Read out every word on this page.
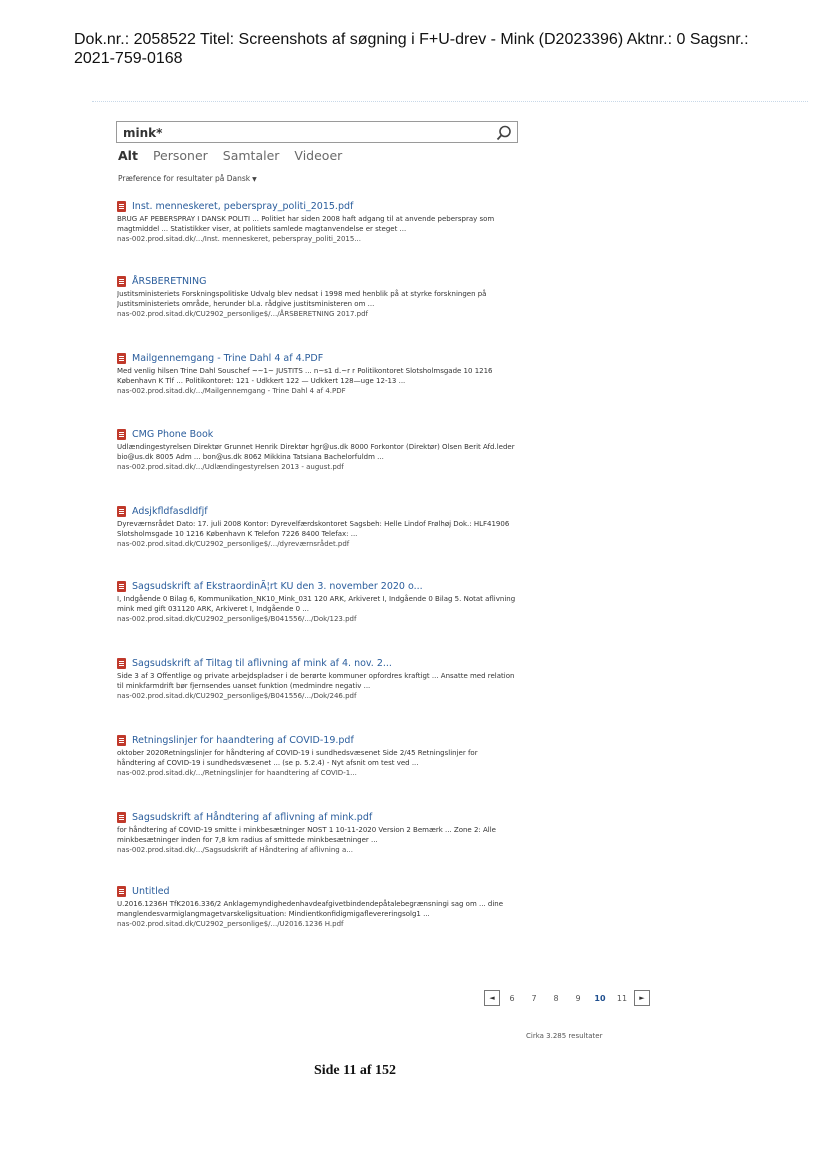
Dok.nr.: 2058522 Titel: Screenshots af søgning i F+U-drev - Mink (D2023396) Aktnr.: 0 Sagsnr.:
2021-759-0168
mink*
Alt Personer Samtaler Videoer
Præference for resultater på Dansk ▼
Inst. menneskeret, peberspray_politi_2015.pdf
BRUG AF PEBERSPRAY I DANSK POLITI ... Politiet har siden 2008 haft adgang til at anvende peberspray som magtmiddel ... Statistikker viser, at politiets samlede magtanvendelse er steget ...
nas-002.prod.sitad.dk/.../Inst. menneskeret, peberspray_politi_2015...
ÅRSBERETNING
Justitsministeriets Forskningspolitiske Udvalg blev nedsat i 1998 med henblik på at styrke forskningen på Justitsministeriets område, herunder bl.a. rådgive justitsministeren om ...
nas-002.prod.sitad.dk/CU2902_personlige$/.../ÅRSBERETNING 2017.pdf
Mailgennemgang - Trine Dahl 4 af 4.PDF
Med venlig hilsen Trine Dahl Souschef ~~1~ JUSTITS ... n~s1 d.~r r Politikontoret Slotsholmsgade 10 1216 København K Tlf ... Politikontoret: 121 - Udkkert 122 — Udkkert 128—uge 12-13 ...
nas-002.prod.sitad.dk/.../Mailgennemgang - Trine Dahl 4 af 4.PDF
CMG Phone Book
Udlændingestyrelsen Direktør Grunnet Henrik Direktør hgr@us.dk 8000 Forkontor (Direktør) Olsen Berit Afd.leder bio@us.dk 8005 Adm ... bon@us.dk 8062 Mikkina Tatsiana Bachelorfuldm ...
nas-002.prod.sitad.dk/.../Udlændingestyrelsen 2013 - august.pdf
Adsjkfldfasdldfjf
Dyreværnsrådet Dato: 17. juli 2008 Kontor: Dyrevelfærdskontoret Sagsbeh: Helle Lindof Frølhøj Dok.: HLF41906 Slotsholmsgade 10 1216 København K Telefon 7226 8400 Telefax: ...
nas-002.prod.sitad.dk/CU2902_personlige$/.../dyreværnsrådet.pdf
Sagsudskrift af EkstraordinÃ¦rt KU den 3. november 2020 o...
I, Indgående 0 Bilag 6, Kommunikation_NK10_Mink_031 120 ARK, Arkiveret I, Indgående 0 Bilag 5. Notat aflivning mink med gift 031120 ARK, Arkiveret I, Indgående 0 ...
nas-002.prod.sitad.dk/CU2902_personlige$/B041556/.../Dok/123.pdf
Sagsudskrift af Tiltag til aflivning af mink af 4. nov. 2...
Side 3 af 3 Offentlige og private arbejdspladser i de berørte kommuner opfordres kraftigt ... Ansatte med relation til minkfarmdrift bør fjernsendes uanset funktion (medmindre negativ ...
nas-002.prod.sitad.dk/CU2902_personlige$/B041556/.../Dok/246.pdf
Retningslinjer for haandtering af COVID-19.pdf
oktober 2020Retningslinjer for håndtering af COVID-19 i sundhedsvæsenet Side 2/45 Retningslinjer for håndtering af COVID-19 i sundhedsvæsenet ... (se p. 5.2.4) - Nyt afsnit om test ved ...
nas-002.prod.sitad.dk/.../Retningslinjer for haandtering af COVID-1...
Sagsudskrift af Håndtering af aflivning af mink.pdf
for håndtering af COVID-19 smitte i minkbesætninger NOST 1 10-11-2020 Version 2 Bemærk ... Zone 2: Alle minkbesætninger inden for 7,8 km radius af smittede minkbesætninger ...
nas-002.prod.sitad.dk/.../Sagsudskrift af Håndtering af aflivning a...
Untitled
U.2016.1236H TfK2016.336/2 Anklagemyndighedenhavdeafgivetbindendepåtalebegrænsningi sag om ... dine manglendesvarmiglangmagetvarskeligsituation: Mindientkonfidigmigaflevereringsolg1 ...
nas-002.prod.sitad.dk/CU2902_personlige$/.../U2016.1236 H.pdf
◄	6	7	8	9	10	11	►
Cirka 3.285 resultater
Side 11 af 152
